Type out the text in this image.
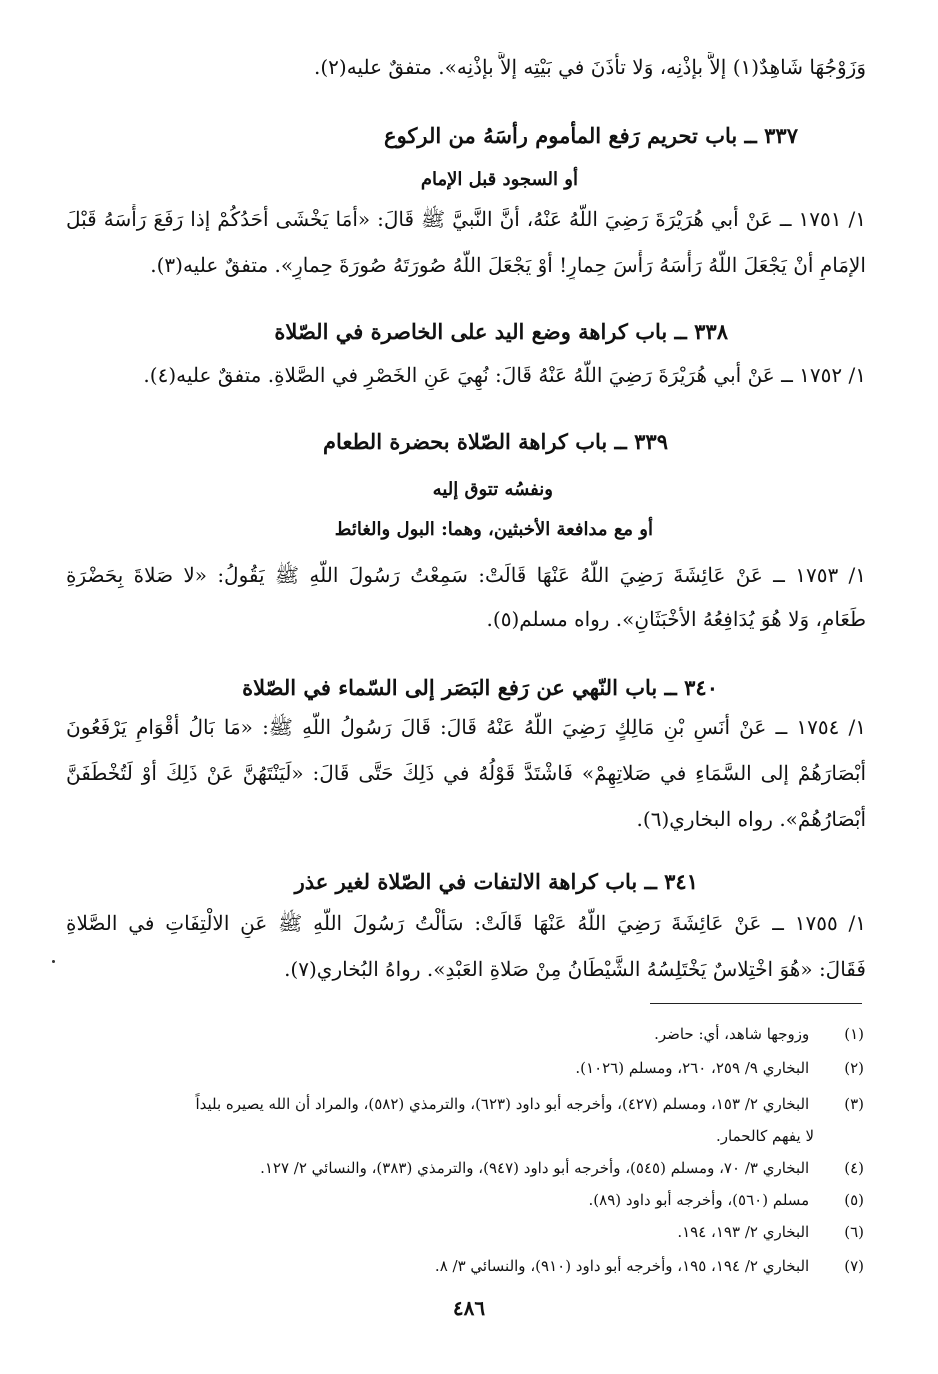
وَزَوْجُهَا شَاهِدٌ(١) إلاَّ بإذْنِه، وَلا تأذَنَ في بَيْتِه إلاَّ بإذْنِه». متفقٌ عليه(٢).
٣٣٧ ــ باب تحريم رَفع المأموم رأسَهُ من الركوع
أو السجود قبل الإمام
١/ ١٧٥١ ــ عَنْ أبي هُرَيْرَةَ رَضِيَ اللَّهُ عَنْهُ، أنَّ النَّبيَّ ﷺ قَالَ: «أمَا يَخْشَى أحَدُكُمْ إذا رَفَعَ رَأْسَهُ قَبْلَ
الإمَامِ أنْ يَجْعَلَ اللَّهُ رَأْسَهُ رَأْسَ حِمارٍ! أوْ يَجْعَلَ اللَّهُ صُورَتَهُ صُورَةَ حِمارٍ». متفقٌ عليه(٣).
٣٣٨ ــ باب كراهة وضع اليد على الخاصرة في الصّلاة
١/ ١٧٥٢ ــ عَنْ أبي هُرَيْرَةَ رَضِيَ اللَّهُ عَنْهُ قَالَ: نُهِيَ عَنِ الخَصْرِ في الصَّلاةِ. متفقٌ عليه(٤).
٣٣٩ ــ باب كراهة الصّلاة بحضرة الطعام
ونفسُه تتوق إليه
أو مع مدافعة الأخبثين، وهما: البول والغائط
١/ ١٧٥٣ ــ عَنْ عَائِشَةَ رَضِيَ اللَّهُ عَنْهَا قَالَتْ: سَمِعْتُ رَسُولَ اللَّهِ ﷺ يَقُولُ: «لا صَلاةَ بِحَضْرَةِ
طَعَامٍ، وَلا هُوَ يُدَافِعُهُ الأخْبَثَانِ». رواه مسلم(٥).
٣٤٠ ــ باب النّهي عن رَفع البَصَر إلى السّماء في الصّلاة
١/ ١٧٥٤ ــ عَنْ أنَسِ بْنِ مَالِكٍ رَضِيَ اللَّهُ عَنْهُ قَالَ: قَالَ رَسُولُ اللَّهِ ﷺ: «مَا بَالُ أقْوَامٍ يَرْفَعُونَ
أبْصَارَهُمْ إلى السَّمَاءِ في صَلاتِهِمْ» فَاشْتَدَّ قَوْلُهُ في ذَلِكَ حَتَّى قَالَ: «لَيَنْتَهُنَّ عَنْ ذَلِكَ أوْ لَتُخْطَفَنَّ
أبْصَارُهُمْ». رواه البخاري(٦).
٣٤١ ــ باب كراهة الالتفات في الصّلاة لغير عذر
١/ ١٧٥٥ ــ عَنْ عَائِشَةَ رَضِيَ اللَّهُ عَنْهَا قَالَتْ: سَألْتُ رَسُولَ اللَّهِ ﷺ عَنِ الالْتِفَاتِ في الصَّلاةِ
فَقَالَ: «هُوَ اخْتِلاسٌ يَخْتَلِسُهُ الشَّيْطَانُ مِنْ صَلاةِ العَبْدِ». رواهُ البُخاري(٧).
(١) وزوجها شاهد، أي: حاضر.
(٢) البخاري ٩/ ٢٥٩، ٢٦٠، ومسلم (١٠٢٦).
(٣) البخاري ٢/ ١٥٣، ومسلم (٤٢٧)، وأخرجه أبو داود (٦٢٣)، والترمذي (٥٨٢)، والمراد أن الله يصيره بليداً
لا يفهم كالحمار.
(٤) البخاري ٣/ ٧٠، ومسلم (٥٤٥)، وأخرجه أبو داود (٩٤٧)، والترمذي (٣٨٣)، والنسائي ٢/ ١٢٧.
(٥) مسلم (٥٦٠)، وأخرجه أبو داود (٨٩).
(٦) البخاري ٢/ ١٩٣، ١٩٤.
(٧) البخاري ٢/ ١٩٤، ١٩٥، وأخرجه أبو داود (٩١٠)، والنسائي ٣/ ٨.
٤٨٦
